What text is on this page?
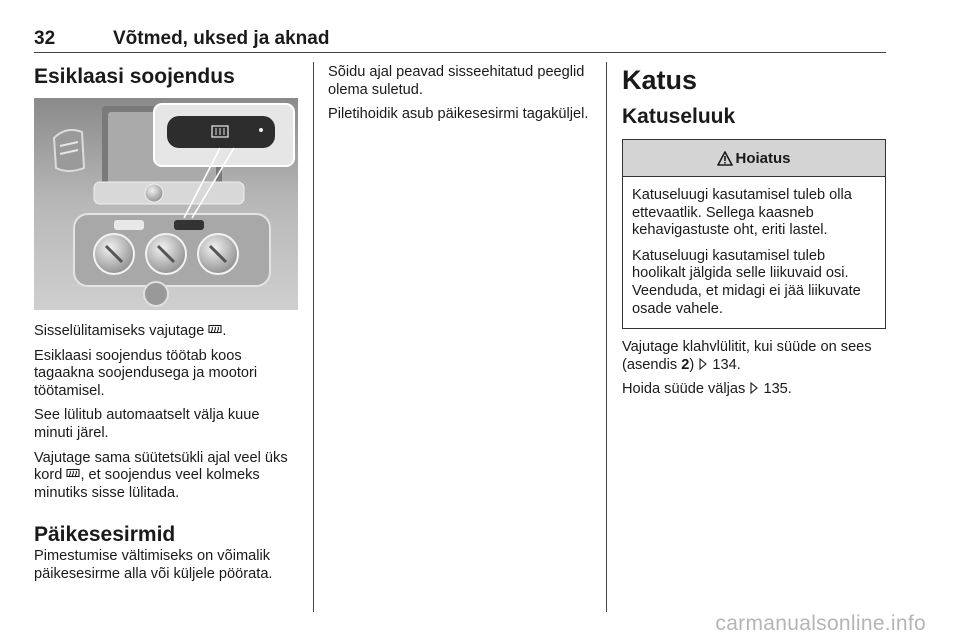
32	Võtmed, uksed ja aknad
Esiklaasi soojendus

Sisselülitamiseks vajutage .

Esiklaasi soojendus töötab koos tagaakna soojendusega ja mootori töötamisel.

See lülitub automaatselt välja kuue minuti järel.

Vajutage sama süütetsükli ajal veel üks kord , et soojendus veel kolmeks minutiks sisse lülitada.

Päikesesirmid

Pimestumise vältimiseks on võimalik päikesesirme alla või küljele pöörata.

Sõidu ajal peavad sisseehitatud peeglid olema suletud.

Piletihoidik asub päikesesirmi tagaküljel.

Katus
Katuseluuk
Hoiatus

Katuseluugi kasutamisel tuleb olla ettevaatlik. Sellega kaasneb kehavigastuste oht, eriti lastel.

Katuseluugi kasutamisel tuleb hoolikalt jälgida selle liikuvaid osi. Veenduda, et midagi ei jää liikuvate osade vahele.

Vajutage klahvlülitit, kui süüde on sees (asendis 2) 134.

Hoida süüde väljas 135.

carmanualsonline.info
